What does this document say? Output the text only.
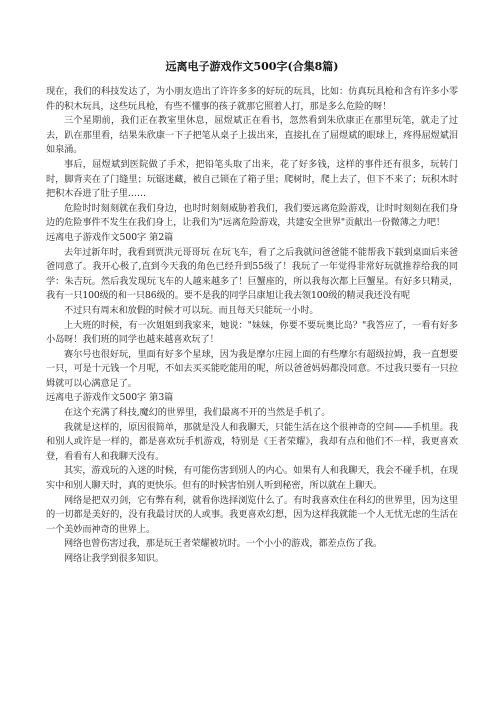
远离电子游戏作文500字(合集8篇)

现在，我们的科技发达了，为小朋友造出了许许多多的好玩的玩具，比如：仿真玩具枪和含有许多小零件的积木玩具，这些玩具枪，有些不懂事的孩子就那它照着人打，那是多么危险的呀！

三个星期前，我们正在教室里休息，屈煜斌正在看书，忽然看到朱欣康正在那里玩笔，就走了过去，趴在那里看，结果朱欣康一下子把笔从桌子上拔出来，直接扎在了屈煜斌的眼球上，疼得屈煜斌泪如泉涌。

事后，屈煜斌到医院做了手术，把铅笔头取了出来，花了好多钱，这样的事件还有很多，玩转门时，脚背夹在了门缝里；玩锯迷藏，被自己锁在了箱子里；爬树时，爬上去了，但下不来了；玩积木时把积木吞进了肚子里……

危险时时刻刻就在我们身边，也时时刻刻威胁着我们，我们要远离危险游戏，让时时刻刻在我们身边的危险事件不发生在我们身上，让我们为"远离危险游戏，共建安全世界"贡献出一份微薄之力吧！

远离电子游戏作文500字 第2篇

去年过新年时，我看到贾洪元哥哥玩 在玩飞车，看了之后我就问爸爸能不能帮我下载到桌面后来爸爸同意了。我开心极了,直到今天我的角色已经升到55级了！我玩了一年觉得非常好玩就推荐给我的同学：朱吉玩。然后我发现玩飞车的人越来越多了！巨蟹座的，所以我每次都上巨蟹星。有好多只精灵，我有一只100级的和一只86级的。要不是我的同学吕康旭让我去领100级的精灵我还没有呢

不过只有周末和放假的时候才可以玩。而且每天只能玩一小时。

上大班的时候，有一次姐姐到我家来，她说："妹妹，你要不要玩奥比岛？"我答应了，一看有好多小岛呀！我们班的同学也越来越喜欢玩了！

赛尔号也很好玩，里面有好多个星球，因为我是摩尔庄园上面的有些摩尔有超级拉姆，我一直想要一只，可是十元钱一个月呢，不如去买买能吃能用的呢，所以爸爸妈妈都没同意。不过我只要有一只拉姆就可以心满意足了。

远离电子游戏作文500字 第3篇

在这个充满了科技,魔幻的世界里，我们最离不开的当然是手机了。

我就是这样的，原因很简单，那就是没人和我聊天，只能生活在这个很神奇的空间——手机里。我和别人或许是一样的，都是喜欢玩手机游戏，特别是《王者荣耀》，我却有点和他们不一样，我更喜欢登，看看有人和我聊天没有。

其实，游戏玩的入迷的时候，有可能伤害到别人的内心。如果有人和我聊天，我会不碰手机，在现实中和别人聊天时，真的更快乐。但有的时候害怕别人听到秘密，所以就在上聊天。

网络是把双刃剑，它有弊有利，就看你选择浏览什么了。有时我喜欢住在科幻的世界里，因为这里的一切都是美好的，没有我最讨厌的人或事。我更喜欢幻想，因为这样我就能一个人无忧无虑的生活在一个美妙而神奇的世界上。

网络也曾伤害过我，那是玩王者荣耀被坑时。一个小小的游戏，都差点伤了我。

网络让我学到很多知识。
